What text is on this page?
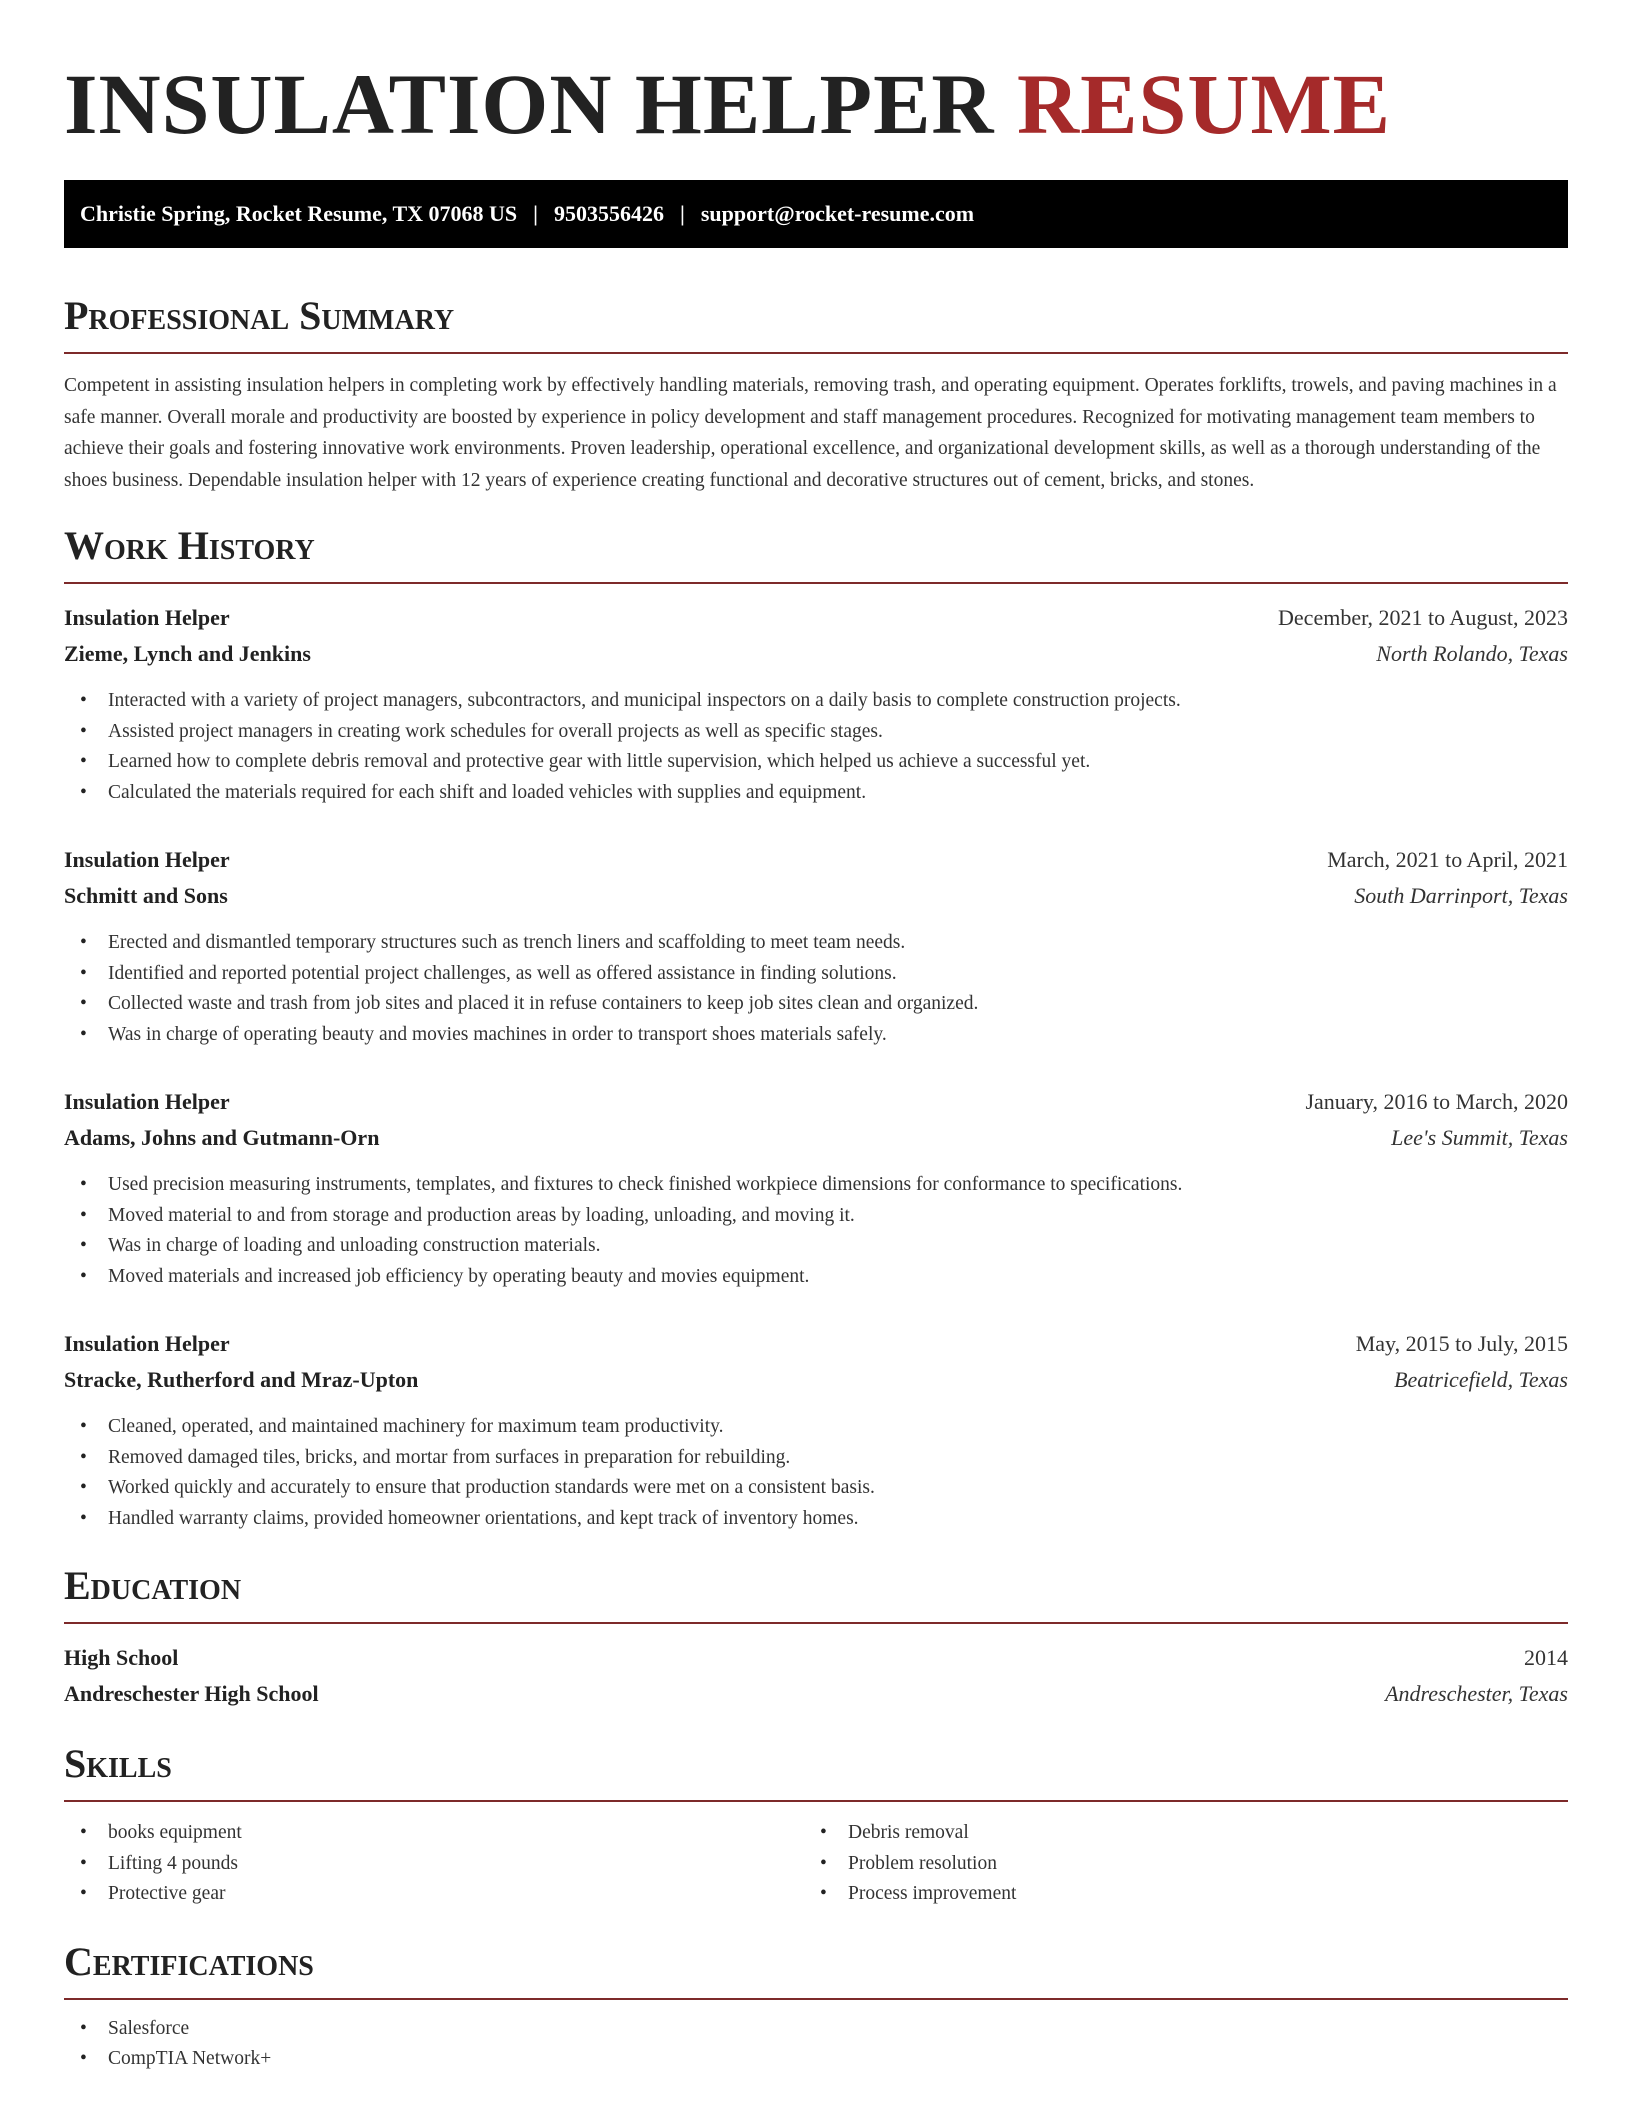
INSULATION HELPER RESUME
Christie Spring, Rocket Resume, TX 07068 US | 9503556426 | support@rocket-resume.com
Professional Summary

Competent in assisting insulation helpers in completing work by effectively handling materials, removing trash, and operating equipment. Operates forklifts, trowels, and paving machines in a safe manner. Overall morale and productivity are boosted by experience in policy development and staff management procedures. Recognized for motivating management team members to achieve their goals and fostering innovative work environments. Proven leadership, operational excellence, and organizational development skills, as well as a thorough understanding of the shoes business. Dependable insulation helper with 12 years of experience creating functional and decorative structures out of cement, bricks, and stones.

Work History
Insulation Helper	December, 2021 to August, 2023
Zieme, Lynch and Jenkins	North Rolando, Texas
• Interacted with a variety of project managers, subcontractors, and municipal inspectors on a daily basis to complete construction projects.
• Assisted project managers in creating work schedules for overall projects as well as specific stages.
• Learned how to complete debris removal and protective gear with little supervision, which helped us achieve a successful yet.
• Calculated the materials required for each shift and loaded vehicles with supplies and equipment.
Insulation Helper	March, 2021 to April, 2021
Schmitt and Sons	South Darrinport, Texas
• Erected and dismantled temporary structures such as trench liners and scaffolding to meet team needs.
• Identified and reported potential project challenges, as well as offered assistance in finding solutions.
• Collected waste and trash from job sites and placed it in refuse containers to keep job sites clean and organized.
• Was in charge of operating beauty and movies machines in order to transport shoes materials safely.
Insulation Helper	January, 2016 to March, 2020
Adams, Johns and Gutmann-Orn	Lee's Summit, Texas
• Used precision measuring instruments, templates, and fixtures to check finished workpiece dimensions for conformance to specifications.
• Moved material to and from storage and production areas by loading, unloading, and moving it.
• Was in charge of loading and unloading construction materials.
• Moved materials and increased job efficiency by operating beauty and movies equipment.
Insulation Helper	May, 2015 to July, 2015
Stracke, Rutherford and Mraz-Upton	Beatricefield, Texas
• Cleaned, operated, and maintained machinery for maximum team productivity.
• Removed damaged tiles, bricks, and mortar from surfaces in preparation for rebuilding.
• Worked quickly and accurately to ensure that production standards were met on a consistent basis.
• Handled warranty claims, provided homeowner orientations, and kept track of inventory homes.
Education
High School	2014
Andreschester High School	Andreschester, Texas
Skills
• books equipment
• Lifting 4 pounds
• Protective gear
• Debris removal
• Problem resolution
• Process improvement
Certifications
• Salesforce
• CompTIA Network+
